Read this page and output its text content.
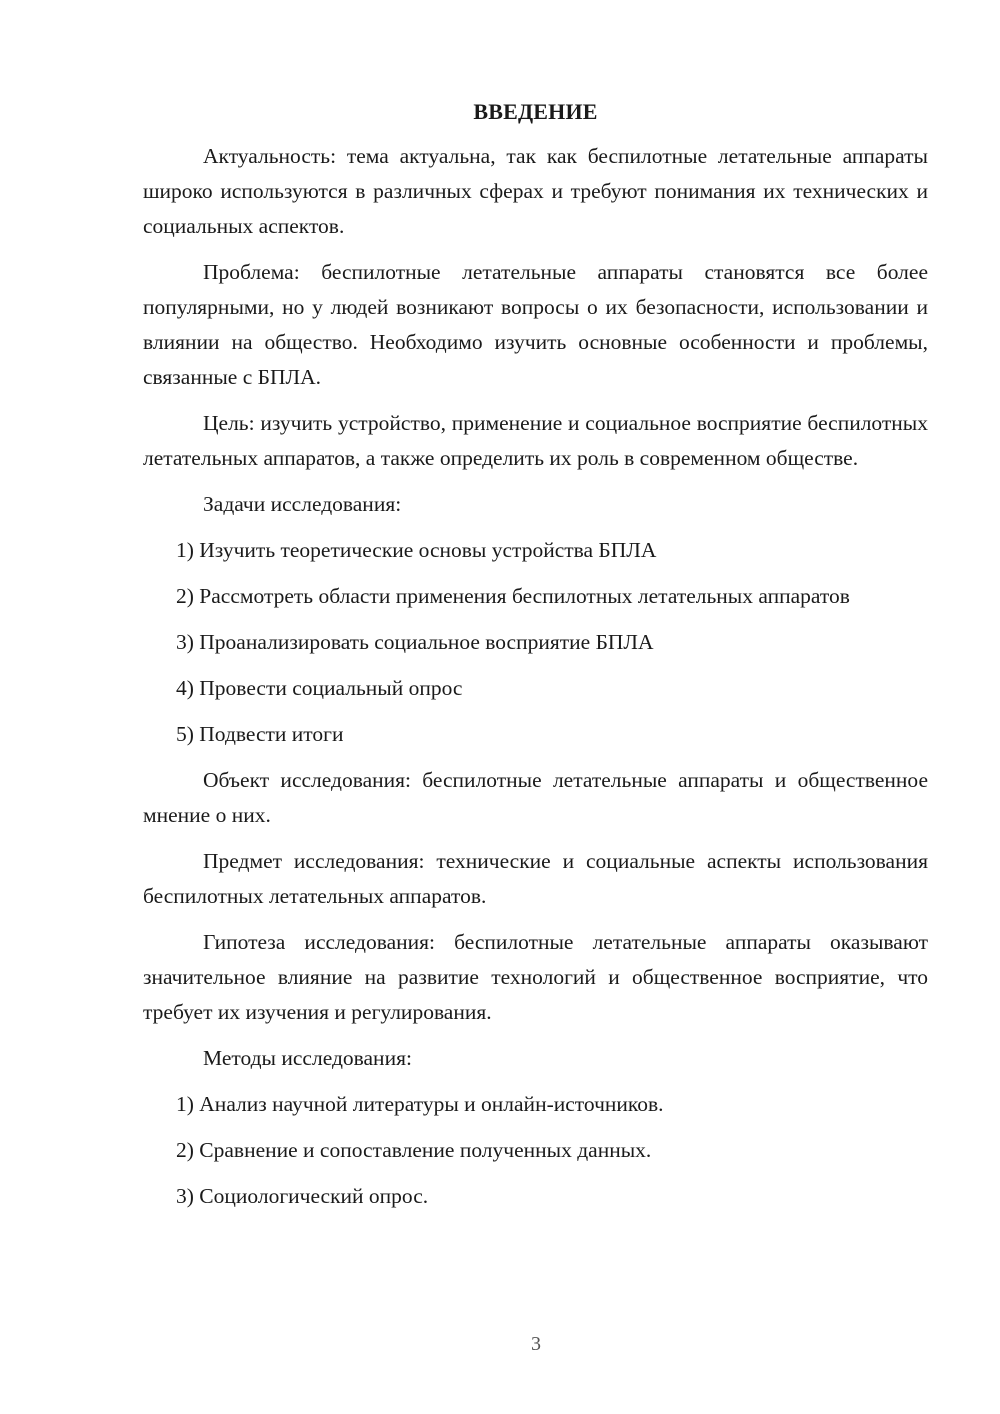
ВВЕДЕНИЕ

Актуальность: тема актуальна, так как беспилотные летательные аппараты широко используются в различных сферах и требуют понимания их технических и социальных аспектов.

Проблема: беспилотные летательные аппараты становятся все более популярными, но у людей возникают вопросы о их безопасности, использовании и влиянии на общество. Необходимо изучить основные особенности и проблемы, связанные с БПЛА.

Цель: изучить устройство, применение и социальное восприятие беспилотных летательных аппаратов, а также определить их роль в современном обществе.

Задачи исследования:

1) Изучить теоретические основы устройства БПЛА

2) Рассмотреть области применения беспилотных летательных аппаратов

3) Проанализировать социальное восприятие БПЛА

4) Провести социальный опрос

5) Подвести итоги

Объект исследования: беспилотные летательные аппараты и общественное мнение о них.

Предмет исследования: технические и социальные аспекты использования беспилотных летательных аппаратов.

Гипотеза исследования: беспилотные летательные аппараты оказывают значительное влияние на развитие технологий и общественное восприятие, что требует их изучения и регулирования.

Методы исследования:

1) Анализ научной литературы и онлайн-источников.

2) Сравнение и сопоставление полученных данных.

3) Социологический опрос.

3
